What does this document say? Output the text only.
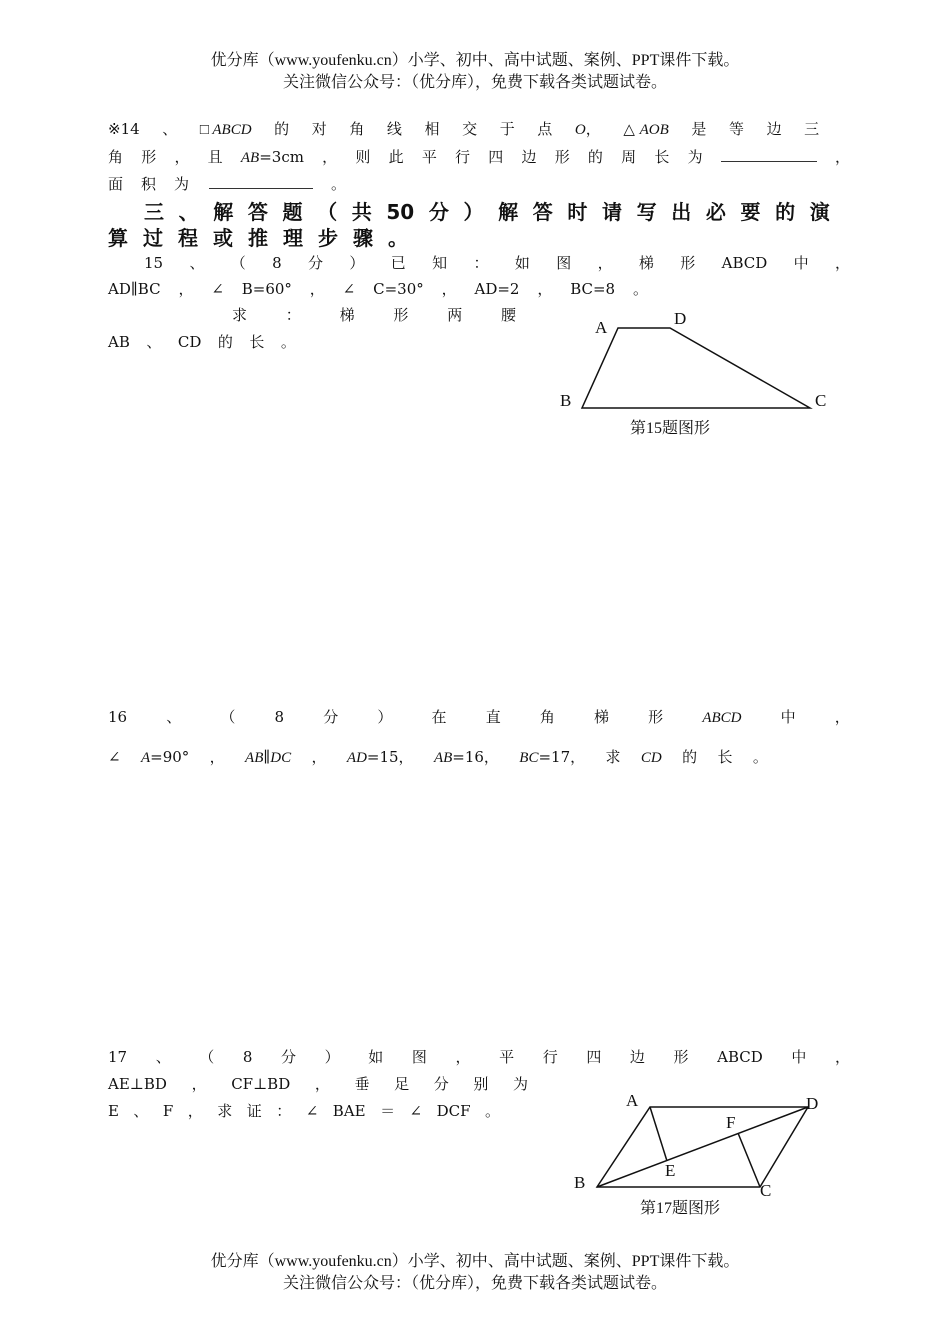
优分库（www.youfenku.cn）小学、初中、高中试题、案例、PPT课件下载。
关注微信公众号：（优分库），免费下载各类试题试卷。
※14 、 □ ABCD 的 对 角 线 相 交 于 点 O， △ AOB 是 等 边 三
角 形 ， 且 AB=3cm ， 则 此 平 行 四 边 形 的 周 长 为	，
面 积 为	。
三 、 解 答 题 （ 共 50 分 ） 解 答 时 请 写 出 必 要 的 演
算 过 程 或 推 理 步 骤 。
15 、 （ 8 分 ） 已 知 ： 如 图 ， 梯 形 ABCD 中 ，
AD∥BC ， ∠ B=60° ， ∠ C=30° ， AD=2 ， BC=8 。
求	：	梯	形	两	腰
AB 、 CD 的 长 。
A	D
B	C
第15题图形
16	、	（	8	分	）	在	直	角	梯	形	ABCD	中	，
∠ A=90° ， AB∥DC ， AD=15， AB=16， BC=17， 求 CD 的 长 。
17 、 （ 8 分 ） 如 图 ， 平 行 四 边 形 ABCD 中 ，
AE⊥BD ， CF⊥BD ， 垂 足 分 别 为
E 、 F ， 求 证 ： ∠ BAE ＝ ∠ DCF 。
A	D
B	C
E
F
第17题图形
优分库（www.youfenku.cn）小学、初中、高中试题、案例、PPT课件下载。
关注微信公众号：（优分库），免费下载各类试题试卷。
